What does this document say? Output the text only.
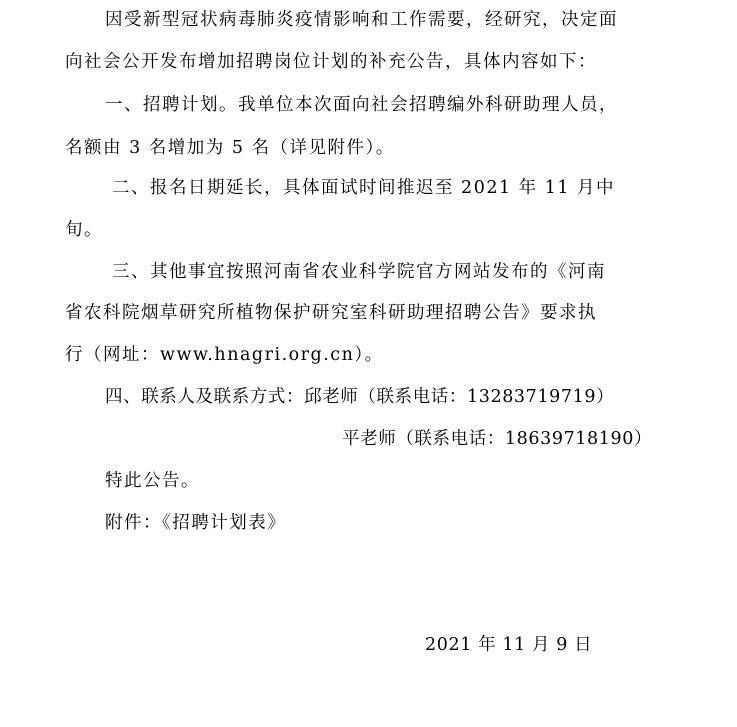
因受新型冠状病毒肺炎疫情影响和工作需要，经研究，决定面
向社会公开发布增加招聘岗位计划的补充公告，具体内容如下：
一、招聘计划。我单位本次面向社会招聘编外科研助理人员，
名额由 3 名增加为 5 名（详见附件）。
二、报名日期延长，具体面试时间推迟至 2021 年 11 月中
旬。
三、其他事宜按照河南省农业科学院官方网站发布的《河南
省农科院烟草研究所植物保护研究室科研助理招聘公告》要求执
行（网址：www.hnagri.org.cn）。
四、联系人及联系方式：邱老师（联系电话：13283719719）
平老师（联系电话：18639718190）
特此公告。
附件：《招聘计划表》
2021 年 11 月 9 日
